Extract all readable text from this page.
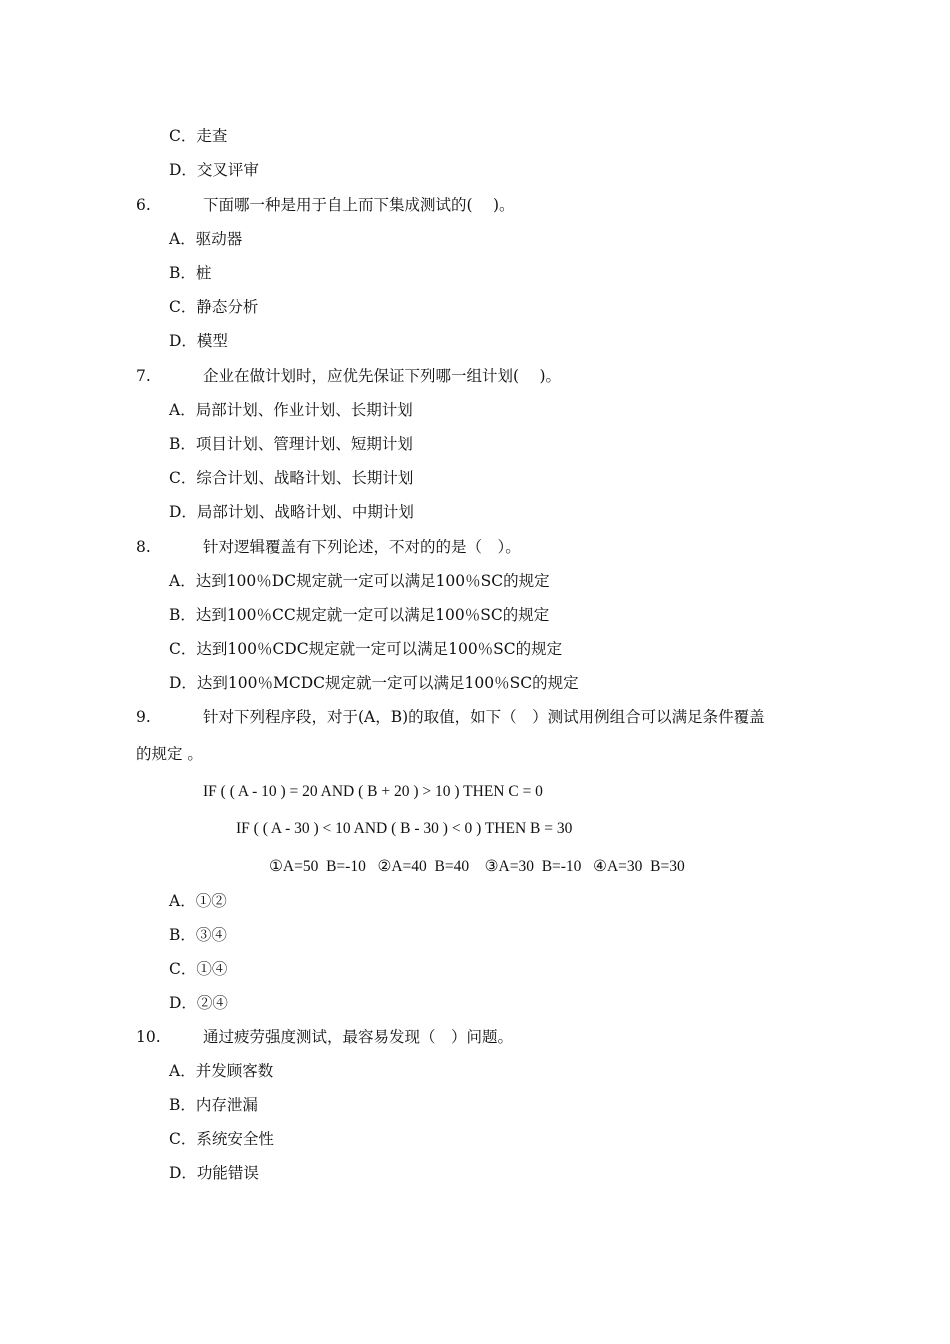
C．走查
D．交叉评审
6.	下面哪一种是用于自上而下集成测试的(　 )。
A．驱动器
B．桩
C．静态分析
D．模型
7.	企业在做计划时，应优先保证下列哪一组计划(　 )。
A．局部计划、作业计划、长期计划
B．项目计划、管理计划、短期计划
C．综合计划、战略计划、长期计划
D．局部计划、战略计划、中期计划
8.	针对逻辑覆盖有下列论述，不对的的是（　）。
A．达到100％DC规定就一定可以满足100％SC的规定
B．达到100％CC规定就一定可以满足100％SC的规定
C．达到100％CDC规定就一定可以满足100％SC的规定
D．达到100％MCDC规定就一定可以满足100％SC的规定
9.	针对下列程序段，对于(A，B)的取值，如下（　）测试用例组合可以满足条件覆盖
的规定 。
IF ( ( A - 10 ) = 20 AND ( B + 20 ) > 10 ) THEN C = 0
IF ( ( A - 30 ) < 10 AND ( B - 30 ) < 0 ) THEN B = 30
①A=50  B=-10   ②A=40  B=40    ③A=30  B=-10   ④A=30  B=30
A．①②
B．③④
C．①④
D．②④
10.	通过疲劳强度测试，最容易发现（　）问题。
A．并发顾客数
B．内存泄漏
C．系统安全性
D．功能错误
